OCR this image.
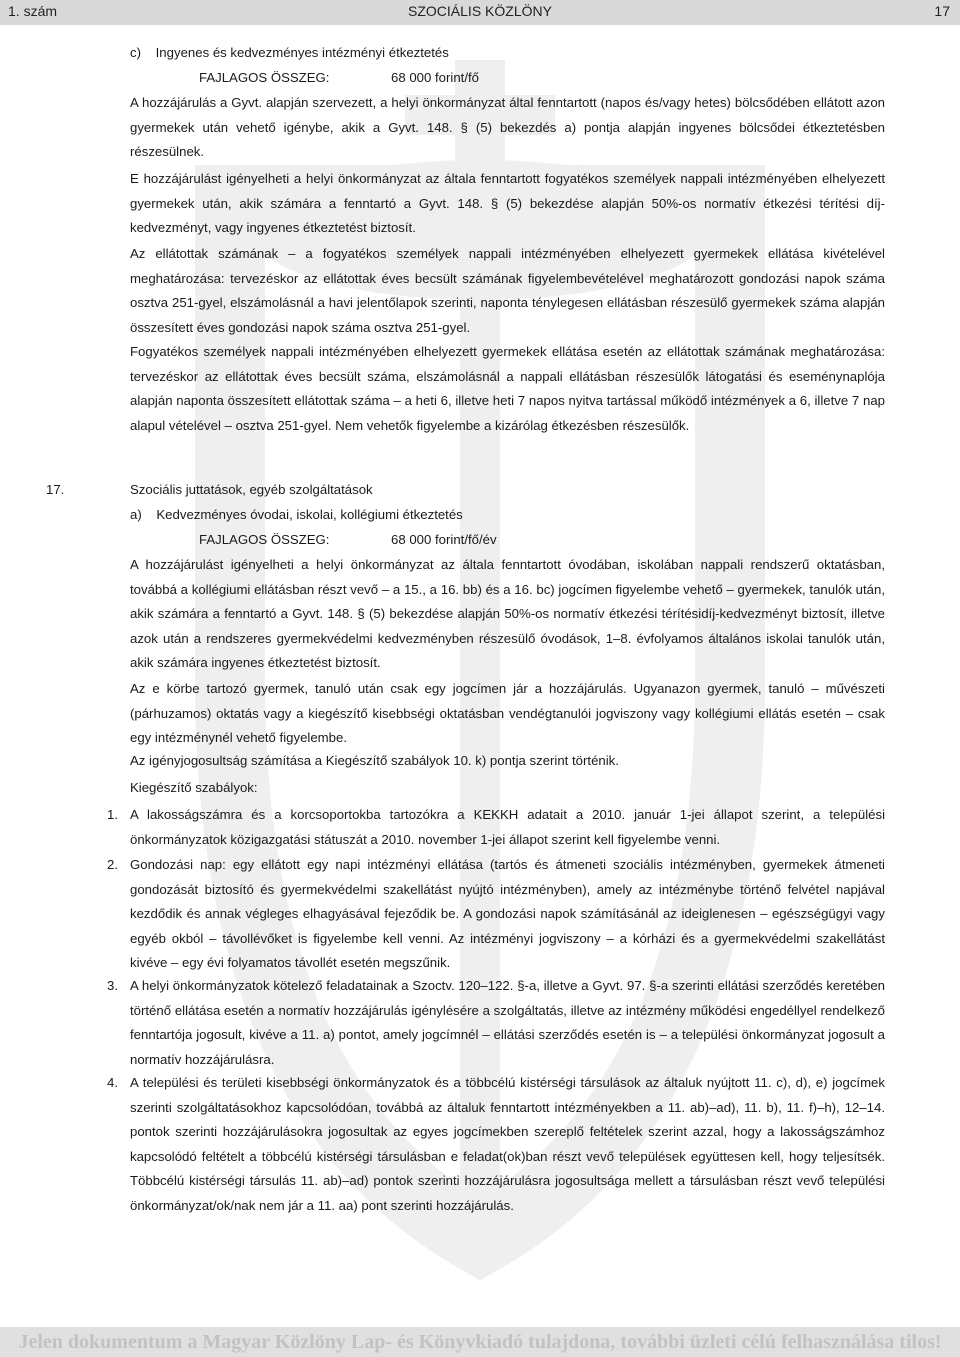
1. szám	SZOCIÁLIS KÖZLÖNY	17
c)    Ingyenes és kedvezményes intézményi étkeztetés
FAJLAGOS ÖSSZEG:	68 000 forint/fő

A hozzájárulás a Gyvt. alapján szervezett, a helyi önkormányzat által fenntartott (napos és/vagy hetes) bölcsődében ellátott azon gyermekek után vehető igénybe, akik a Gyvt. 148. § (5) bekezdés a) pontja alapján ingyenes bölcsődei étkeztetésben részesülnek.

E hozzájárulást igényelheti a helyi önkormányzat az általa fenntartott fogyatékos személyek nappali intézményében elhelyezett gyermekek után, akik számára a fenntartó a Gyvt. 148. § (5) bekezdése alapján 50%-os normatív étkezési térítési díj-kedvezményt, vagy ingyenes étkeztetést biztosít.

Az ellátottak számának – a fogyatékos személyek nappali intézményében elhelyezett gyermekek ellátása kivételével meghatározása: tervezéskor az ellátottak éves becsült számának figyelembevételével meghatározott gondozási napok száma osztva 251-gyel, elszámolásnál a havi jelentőlapok szerinti, naponta ténylegesen ellátásban részesülő gyermekek száma alapján összesített éves gondozási napok száma osztva 251-gyel.

Fogyatékos személyek nappali intézményében elhelyezett gyermekek ellátása esetén az ellátottak számának meghatározása: tervezéskor az ellátottak éves becsült száma, elszámolásnál a nappali ellátásban részesülők látogatási és eseménynaplója alapján naponta összesített ellátottak száma – a heti 6, illetve heti 7 napos nyitva tartással működő intézmények a 6, illetve 7 nap alapul vételével – osztva 251-gyel. Nem vehetők figyelembe a kizárólag étkezésben részesülők.

17.	Szociális juttatások, egyéb szolgáltatások
a)    Kedvezményes óvodai, iskolai, kollégiumi étkeztetés
FAJLAGOS ÖSSZEG:	68 000 forint/fő/év

A hozzájárulást igényelheti a helyi önkormányzat az általa fenntartott óvodában, iskolában nappali rendszerű oktatásban, továbbá a kollégiumi ellátásban részt vevő – a 15., a 16. bb) és a 16. bc) jogcímen figyelembe vehető – gyermekek, tanulók után, akik számára a fenntartó a Gyvt. 148. § (5) bekezdése alapján 50%-os normatív étkezési térítésidíj-kedvezményt biztosít, illetve azok után a rendszeres gyermekvédelmi kedvezményben részesülő óvodások, 1–8. évfolyamos általános iskolai tanulók után, akik számára ingyenes étkeztetést biztosít.

Az e körbe tartozó gyermek, tanuló után csak egy jogcímen jár a hozzájárulás. Ugyanazon gyermek, tanuló – művészeti (párhuzamos) oktatás vagy a kiegészítő kisebbségi oktatásban vendégtanulói jogviszony vagy kollégiumi ellátás esetén – csak egy intézménynél vehető figyelembe.

Az igényjogosultság számítása a Kiegészítő szabályok 10. k) pontja szerint történik.

Kiegészítő szabályok:

1. A lakosságszámra és a korcsoportokba tartozókra a KEKKH adatait a 2010. január 1-jei állapot szerint, a települési önkormányzatok közigazgatási státuszát a 2010. november 1-jei állapot szerint kell figyelembe venni.

2. Gondozási nap: egy ellátott egy napi intézményi ellátása (tartós és átmeneti szociális intézményben, gyermekek átmeneti gondozását biztosító és gyermekvédelmi szakellátást nyújtó intézményben), amely az intézménybe történő felvétel napjával kezdődik és annak végleges elhagyásával fejeződik be. A gondozási napok számításánál az ideiglenesen – egészségügyi vagy egyéb okból – távollévőket is figyelembe kell venni. Az intézményi jogviszony – a kórházi és a gyermekvédelmi szakellátást kivéve – egy évi folyamatos távollét esetén megszűnik.

3. A helyi önkormányzatok kötelező feladatainak a Szoctv. 120–122. §-a, illetve a Gyvt. 97. §-a szerinti ellátási szerződés keretében történő ellátása esetén a normatív hozzájárulás igénylésére a szolgáltatás, illetve az intézmény működési engedéllyel rendelkező fenntartója jogosult, kivéve a 11. a) pontot, amely jogcímnél – ellátási szerződés esetén is – a települési önkormányzat jogosult a normatív hozzájárulásra.

4. A települési és területi kisebbségi önkormányzatok és a többcélú kistérségi társulások az általuk nyújtott 11. c), d), e) jogcímek szerinti szolgáltatásokhoz kapcsolódóan, továbbá az általuk fenntartott intézményekben a 11. ab)–ad), 11. b), 11. f)–h), 12–14. pontok szerinti hozzájárulásokra jogosultak az egyes jogcímekben szereplő feltételek szerint azzal, hogy a lakosságszámhoz kapcsolódó feltételt a többcélú kistérségi társulásban e feladat(ok)ban részt vevő települések együttesen kell, hogy teljesítsék. Többcélú kistérségi társulás 11. ab)–ad) pontok szerinti hozzájárulásra jogosultsága mellett a társulásban részt vevő települési önkormányzat/ok/nak nem jár a 11. aa) pont szerinti hozzájárulás.

Jelen dokumentum a Magyar Közlöny Lap- és Könyvkiadó tulajdona, további üzleti célú felhasználása tilos!
